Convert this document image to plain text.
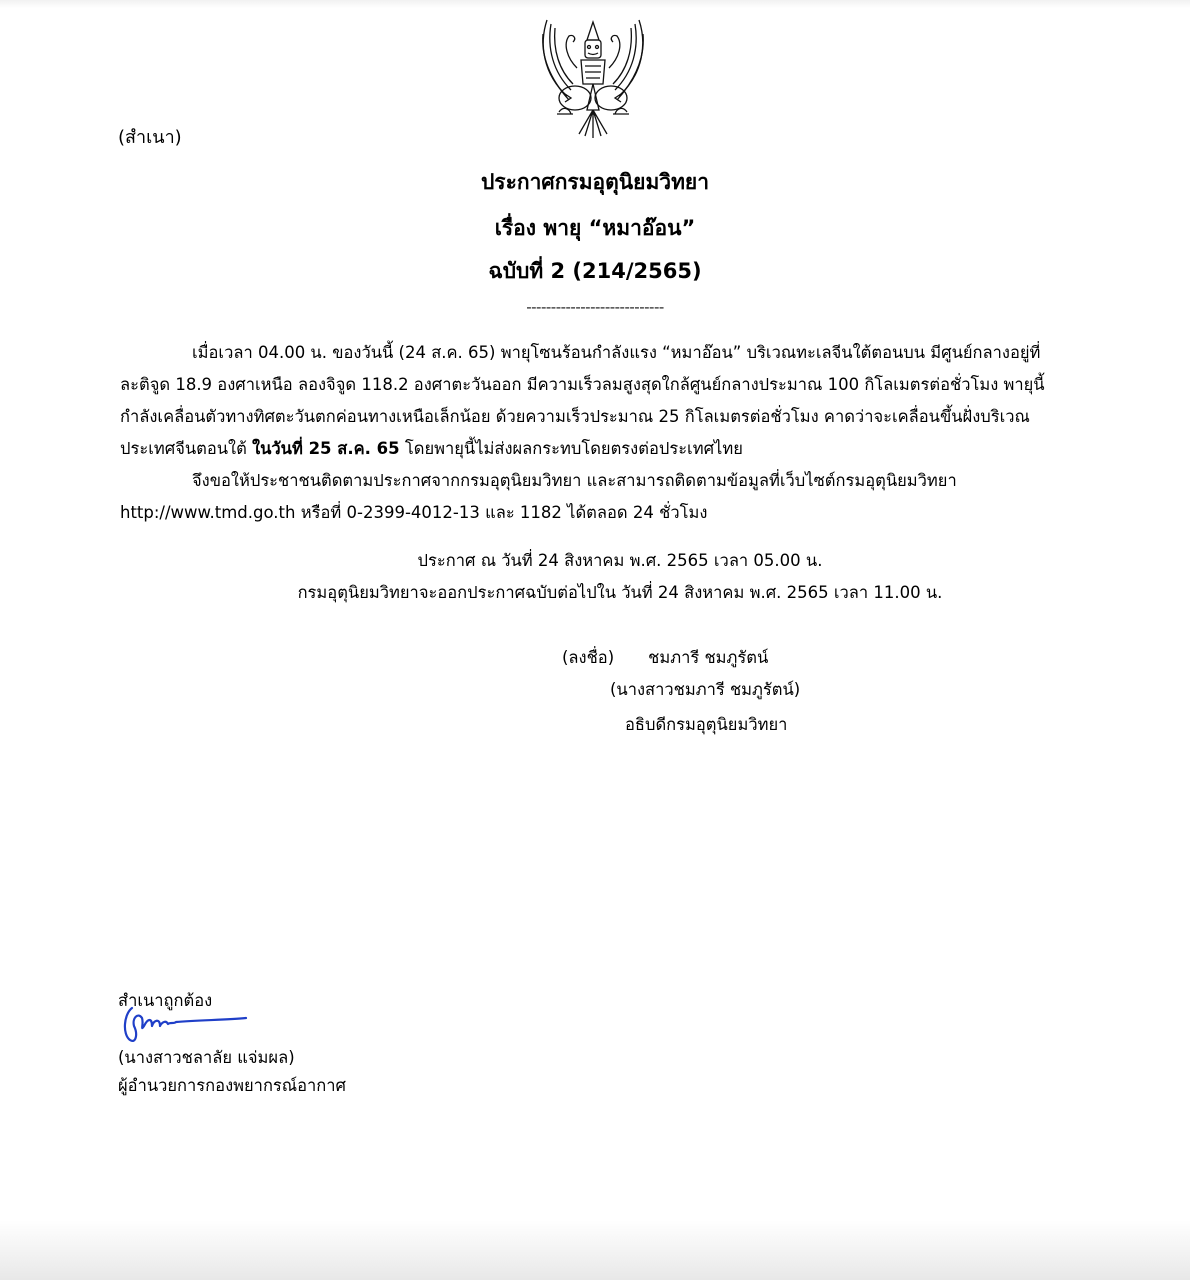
(สำเนา)
ประกาศกรมอุตุนิยมวิทยา
เรื่อง พายุ “หมาอ๊อน”
ฉบับที่ 2 (214/2565)
----------------------------
เมื่อเวลา 04.00 น. ของวันนี้ (24 ส.ค. 65) พายุโซนร้อนกำลังแรง “หมาอ๊อน” บริเวณทะเลจีนใต้ตอนบน มีศูนย์กลางอยู่ที่
ละติจูด 18.9 องศาเหนือ ลองจิจูด 118.2 องศาตะวันออก มีความเร็วลมสูงสุดใกล้ศูนย์กลางประมาณ 100 กิโลเมตรต่อชั่วโมง พายุนี้
กำลังเคลื่อนตัวทางทิศตะวันตกค่อนทางเหนือเล็กน้อย ด้วยความเร็วประมาณ 25 กิโลเมตรต่อชั่วโมง คาดว่าจะเคลื่อนขึ้นฝั่งบริเวณ
ประเทศจีนตอนใต้ ในวันที่ 25 ส.ค. 65 โดยพายุนี้ไม่ส่งผลกระทบโดยตรงต่อประเทศไทย
จึงขอให้ประชาชนติดตามประกาศจากกรมอุตุนิยมวิทยา และสามารถติดตามข้อมูลที่เว็บไซต์กรมอุตุนิยมวิทยา
http://www.tmd.go.th หรือที่ 0-2399-4012-13 และ 1182 ได้ตลอด 24 ชั่วโมง
ประกาศ ณ วันที่ 24 สิงหาคม พ.ศ. 2565 เวลา 05.00 น.
กรมอุตุนิยมวิทยาจะออกประกาศฉบับต่อไปใน วันที่ 24 สิงหาคม พ.ศ. 2565 เวลา 11.00 น.
(ลงชื่อ) ชมภารี ชมภูรัตน์
(นางสาวชมภารี ชมภูรัตน์)
อธิบดีกรมอุตุนิยมวิทยา
สำเนาถูกต้อง
(นางสาวชลาลัย แจ่มผล)
ผู้อำนวยการกองพยากรณ์อากาศ
